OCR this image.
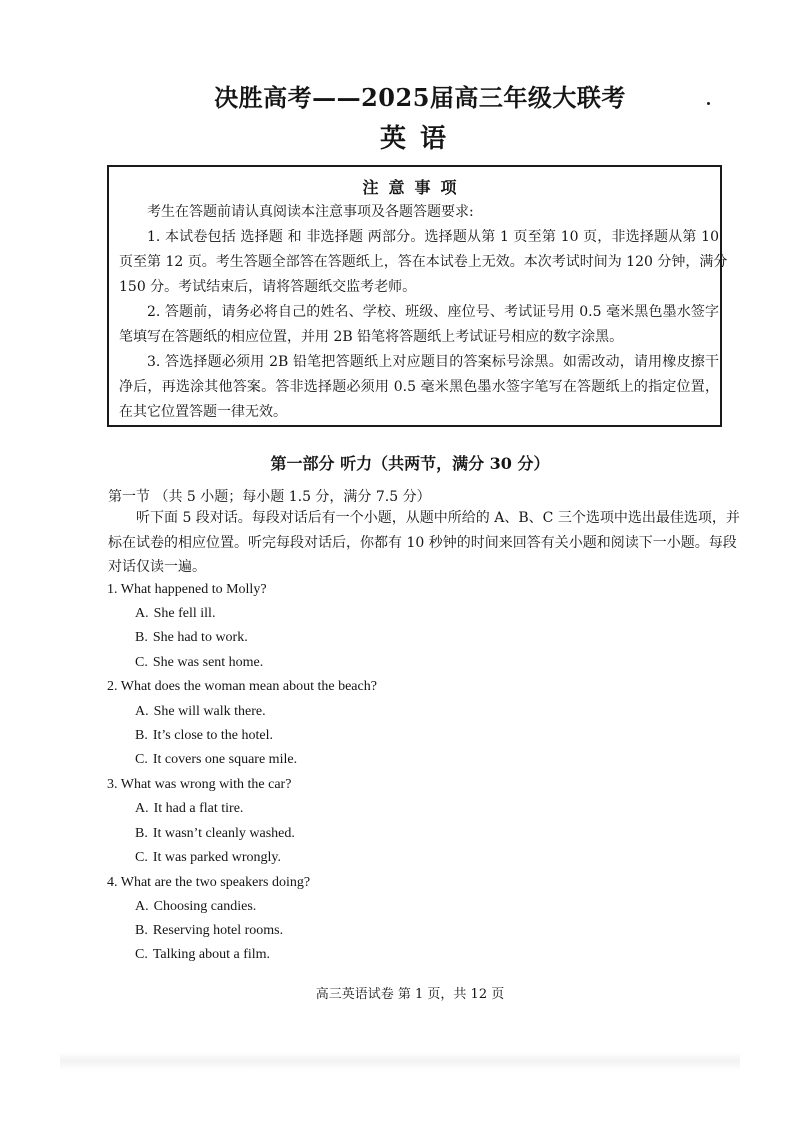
决胜高考——2025届高三年级大联考
英语
注意事项
考生在答题前请认真阅读本注意事项及各题答题要求:
1. 本试卷包括 选择题 和 非选择题 两部分。选择题从第 1 页至第 10 页，非选择题从第 10
页至第 12 页。考生答题全部答在答题纸上，答在本试卷上无效。本次考试时间为 120 分钟，满分
150 分。考试结束后，请将答题纸交监考老师。
2. 答题前，请务必将自己的姓名、学校、班级、座位号、考试证号用 0.5 毫米黑色墨水签字
笔填写在答题纸的相应位置，并用 2B 铅笔将答题纸上考试证号相应的数字涂黑。
3. 答选择题必须用 2B 铅笔把答题纸上对应题目的答案标号涂黑。如需改动，请用橡皮擦干
净后，再选涂其他答案。答非选择题必须用 0.5 毫米黑色墨水签字笔写在答题纸上的指定位置，
在其它位置答题一律无效。
第一部分 听力（共两节，满分 30 分）
第一节 （共 5 小题；每小题 1.5 分，满分 7.5 分）
听下面 5 段对话。每段对话后有一个小题，从题中所给的 A、B、C 三个选项中选出最佳选项，并
标在试卷的相应位置。听完每段对话后，你都有 10 秒钟的时间来回答有关小题和阅读下一小题。每段
对话仅读一遍。
1. What happened to Molly?
A. She fell ill.
B. She had to work.
C. She was sent home.
2. What does the woman mean about the beach?
A. She will walk there.
B. It’s close to the hotel.
C. It covers one square mile.
3. What was wrong with the car?
A. It had a flat tire.
B. It wasn’t cleanly washed.
C. It was parked wrongly.
4. What are the two speakers doing?
A. Choosing candies.
B. Reserving hotel rooms.
C. Talking about a film.
高三英语试卷 第 1 页，共 12 页
